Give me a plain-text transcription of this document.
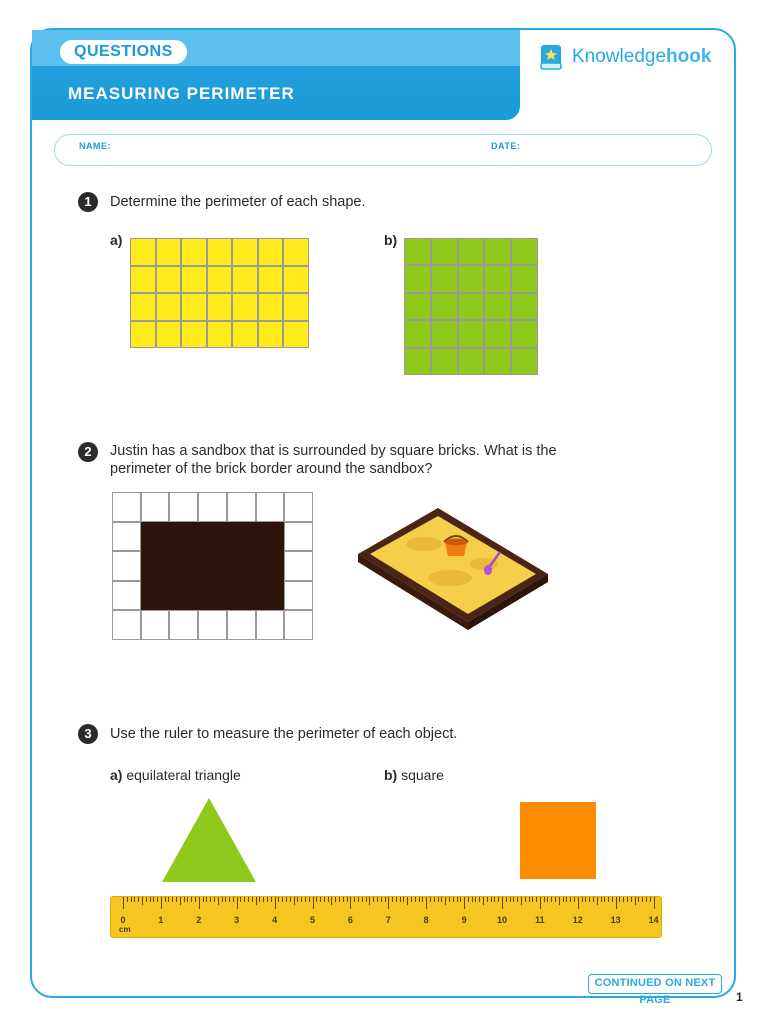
QUESTIONS
MEASURING PERIMETER
Knowledgehook
NAME:	DATE:
1	Determine the perimeter of each shape.
a)	b)
2	Justin has a sandbox that is surrounded by square bricks. What is the
perimeter of the brick border around the sandbox?
3	Use the ruler to measure the perimeter of each object.
a) equilateral triangle	b) square
cm
0	1	2	3	4	5	6	7	8	9	10	11	12	13	14
CONTINUED ON NEXT PAGE	1
